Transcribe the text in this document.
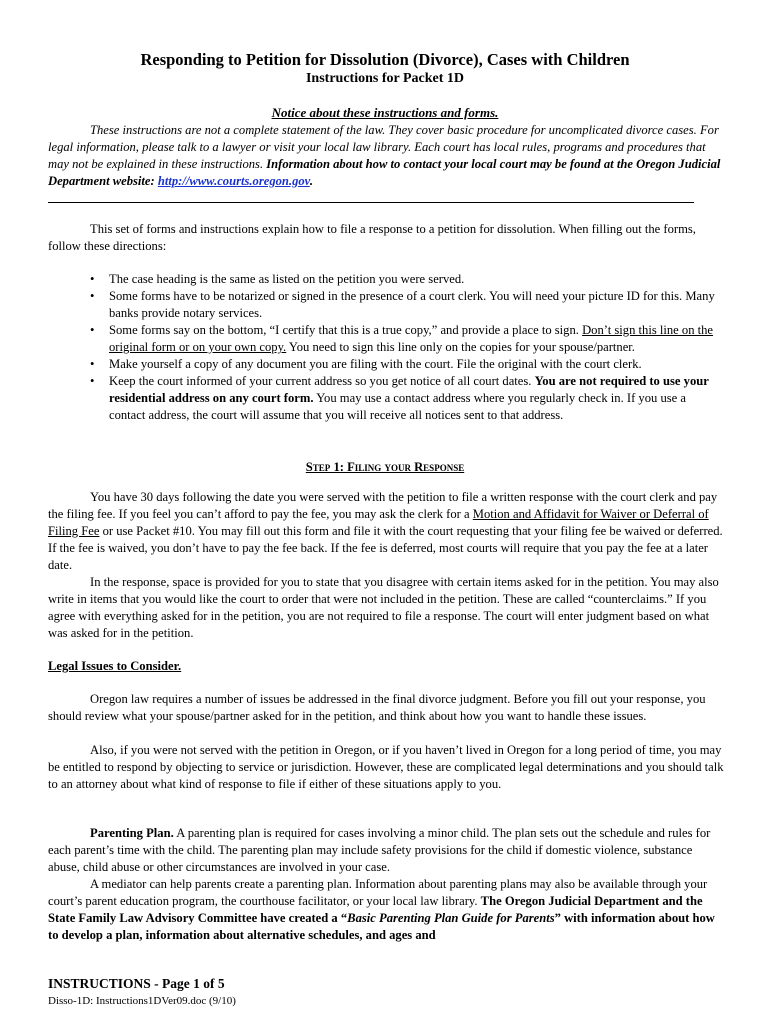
Responding to Petition for Dissolution (Divorce), Cases with Children
Instructions for Packet 1D
Notice about these instructions and forms.

These instructions are not a complete statement of the law. They cover basic procedure for uncomplicated divorce cases. For legal information, please talk to a lawyer or visit your local law library. Each court has local rules, programs and procedures that may not be explained in these instructions. Information about how to contact your local court may be found at the Oregon Judicial Department website: http://www.courts.oregon.gov.

This set of forms and instructions explain how to file a response to a petition for dissolution. When filling out the forms, follow these directions:

• The case heading is the same as listed on the petition you were served.
• Some forms have to be notarized or signed in the presence of a court clerk. You will need your picture ID for this. Many banks provide notary services.
• Some forms say on the bottom, “I certify that this is a true copy,” and provide a place to sign. Don’t sign this line on the original form or on your own copy. You need to sign this line only on the copies for your spouse/partner.
• Make yourself a copy of any document you are filing with the court. File the original with the court clerk.
• Keep the court informed of your current address so you get notice of all court dates. You are not required to use your residential address on any court form. You may use a contact address where you regularly check in. If you use a contact address, the court will assume that you will receive all notices sent to that address.
Step 1: Filing your Response

You have 30 days following the date you were served with the petition to file a written response with the court clerk and pay the filing fee. If you feel you can’t afford to pay the fee, you may ask the clerk for a Motion and Affidavit for Waiver or Deferral of Filing Fee or use Packet #10. You may fill out this form and file it with the court requesting that your filing fee be waived or deferred. If the fee is waived, you don’t have to pay the fee back. If the fee is deferred, most courts will require that you pay the fee at a later date.

In the response, space is provided for you to state that you disagree with certain items asked for in the petition. You may also write in items that you would like the court to order that were not included in the petition. These are called “counterclaims.” If you agree with everything asked for in the petition, you are not required to file a response. The court will enter judgment based on what was asked for in the petition.

Legal Issues to Consider.

Oregon law requires a number of issues be addressed in the final divorce judgment. Before you fill out your response, you should review what your spouse/partner asked for in the petition, and think about how you want to handle these issues.

Also, if you were not served with the petition in Oregon, or if you haven’t lived in Oregon for a long period of time, you may be entitled to respond by objecting to service or jurisdiction. However, these are complicated legal determinations and you should talk to an attorney about what kind of response to file if either of these situations apply to you.

Parenting Plan. A parenting plan is required for cases involving a minor child. The plan sets out the schedule and rules for each parent’s time with the child. The parenting plan may include safety provisions for the child if domestic violence, substance abuse, child abuse or other circumstances are involved in your case.

A mediator can help parents create a parenting plan. Information about parenting plans may also be available through your court’s parent education program, the courthouse facilitator, or your local law library. The Oregon Judicial Department and the State Family Law Advisory Committee have created a “Basic Parenting Plan Guide for Parents” with information about how to develop a plan, information about alternative schedules, and ages and

INSTRUCTIONS - Page 1 of 5
Disso-1D: Instructions1DVer09.doc (9/10)
